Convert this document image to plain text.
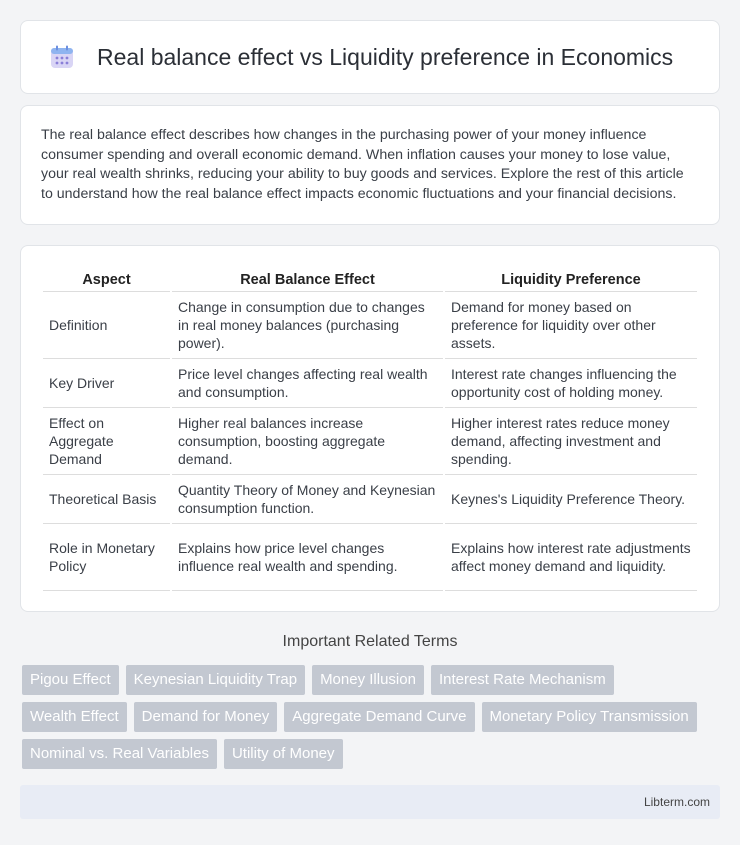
Real balance effect vs Liquidity preference in Economics

The real balance effect describes how changes in the purchasing power of your money influence consumer spending and overall economic demand. When inflation causes your money to lose value, your real wealth shrinks, reducing your ability to buy goods and services. Explore the rest of this article to understand how the real balance effect impacts economic fluctuations and your financial decisions.

Aspect	Real Balance Effect	Liquidity Preference
Definition	Change in consumption due to changes in real money balances (purchasing power).	Demand for money based on preference for liquidity over other assets.
Key Driver	Price level changes affecting real wealth and consumption.	Interest rate changes influencing the opportunity cost of holding money.
Effect on Aggregate Demand	Higher real balances increase consumption, boosting aggregate demand.	Higher interest rates reduce money demand, affecting investment and spending.
Theoretical Basis	Quantity Theory of Money and Keynesian consumption function.	Keynes's Liquidity Preference Theory.
Role in Monetary Policy	Explains how price level changes influence real wealth and spending.	Explains how interest rate adjustments affect money demand and liquidity.
Important Related Terms
Pigou Effect	Keynesian Liquidity Trap	Money Illusion	Interest Rate Mechanism
Wealth Effect	Demand for Money	Aggregate Demand Curve	Monetary Policy Transmission
Nominal vs. Real Variables	Utility of Money
Libterm.com
